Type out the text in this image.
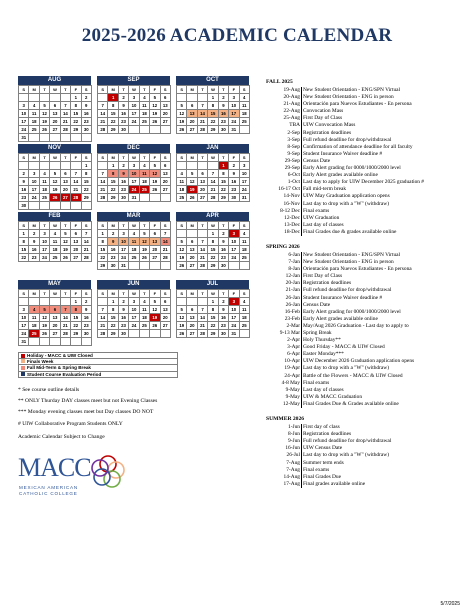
2025-2026 ACADEMIC CALENDAR
AUG
S	M	T	W	T	F	S
					1	2
3	4	5	6	7	8	9
10	11	12	13	14	15	16
17	18	19	20	21	22	23
24	25	26	27	28	29	30
31						
SEP
S	M	T	W	T	F	S
	1	2	3	4	5	6
7	8	9	10	11	12	13
14	15	16	17	18	19	20
21	22	23	24	25	26	27
28	29	30				
OCT
S	M	T	W	T	F	S
			1	2	3	4
5	6	7	8	9	10	11
12	13	14	15	16	17	18
19	20	21	22	23	24	25
26	27	28	29	30	31	
NOV
S	M	T	W	T	F	S
						1
2	3	4	5	6	7	8
9	10	11	12	13	14	15
16	17	18	19	20	21	22
23	24	25	26	27	28	29
30						
DEC
S	M	T	W	T	F	S
	1	2	3	4	5	6
7	8	9	10	11	12	13
14	15	16	17	18	19	20
21	22	23	24	25	26	27
28	29	30	31			
JAN
S	M	T	W	T	F	S
				1	2	3
4	5	6	7	8	9	10
11	12	13	14	15	16	17
18	19	20	21	22	23	24
25	26	27	28	29	30	31
FEB
S	M	T	W	T	F	S
1	2	3	4	5	6	7
8	9	10	11	12	13	14
15	16	17	18	19	20	21
22	23	24	25	26	27	28
MAR
S	M	T	W	T	F	S
1	2	3	4	5	6	7
8	9	10	11	12	13	14
15	16	17	18	19	20	21
22	23	24	25	26	27	28
29	30	31				
APR
S	M	T	W	T	F	S
			1	2	3	4
5	6	7	8	9	10	11
12	13	14	15	16	17	18
19	20	21	22	23	24	25
26	27	28	29	30		
MAY
S	M	T	W	T	F	S
					1	2
3	4	5	6	7	8	9
10	11	12	13	14	15	16
17	18	19	20	21	22	23
24	25	26	27	28	29	30
31						
JUN
S	M	T	W	T	F	S
	1	2	3	4	5	6
7	8	9	10	11	12	13
14	15	16	17	18	19	20
21	22	23	24	25	26	27
28	29	30				
JUL
S	M	T	W	T	F	S
			1	2	3	4
5	6	7	8	9	10	11
12	13	14	15	16	17	18
19	20	21	22	23	24	25
26	27	28	29	30	31	
Holiday - MACC & UIW Closed
Finals Week
Fall Mid-Term & Spring Break
Student Course Evaluation Period
* See course outline details
** ONLY Thurday DAY classes meet but not Evening Classes
*** Monday evening classes meet but Day classes DO NOT
# UIW Collaborative Program Students ONLY
Academic Calendar Subject to Change
MACC
MEXICAN AMERICAN
CATHOLIC COLLEGE
FALL 2025
19-Aug New Student Orientation - ENG/SPN Virtual
20-Aug New Student Orientation - ENG in person
21-Aug Orientación para Nuevos Estudiantes - En persona
22-Aug Convocation Mass
25-Aug First Day of Class
TBA UIW Convocation Mass
2-Sep Registration deadlines
3-Sep Full refund deadline for drop/withdrawal
8-Sep Confirmation of attendance deadline for all faculty
9-Sep Student Insurance Waiver deadline #
29-Sep Census Date
29-Sep Early Alert grading for 0000/1000/2000 level
6-Oct Early Alert grades available online
1-Oct Last day to apply for UIW December 2025 graduation #
16-17 Oct Fall mid-term break
14-Nov UIW May Graduation application opens
16-Nov Last day to drop with a "W" (withdraw)
8-12 Dec Final exams
12-Dec UIW Graduation
13-Dec Last day of classes
18-Dec Final Grades due & grades available online
SPRING 2026
6-Jan New Student Orientation - ENG/SPN Virtual
7-Jan New Student Orientation - ENG in person
8-Jan Orientación para Nuevos Estudiantes - En persona
12-Jan First Day of Class
20-Jan Registration deadlines
21-Jan Full refund deadline for drop/withdrawal
26-Jan Student Insurance Waiver deadline #
26-Jan Census Date
16-Feb Early Alert grading for 0000/1000/2000 level
23-Feb Early Alert grades available online
2-Mar May/Aug 2026 Graduation - Last day to apply to
9-13 Mar Spring Break
2-Apr Holy Thursday**
3-Apr Good Friday - MACC & UIW Closed
6-Apr Easter Monday***
10-Apr UIW December 2026 Graduation application opens
19-Apr Last day to drop with a "W" (withdraw)
24-Apr Battle of the Flowers - MACC & UIW Closed
4-8 May Final exams
9-May Last day of classes
9-May UIW & MACC Graduation
12-May Final Grades Due & Grades available online
SUMMER 2026
1-Jun First day of class
8-Jun Registration deadlines
9-Jun Full refund deadline for drop/withdrawal
16-Jun UIW Census Date
26-Jul Last day to drop with a "W" (withdraw)
7-Aug Summer term ends
7-Aug Final exams
14-Aug Final Grades Due
17-Aug Final grades available online
5/7/2025
